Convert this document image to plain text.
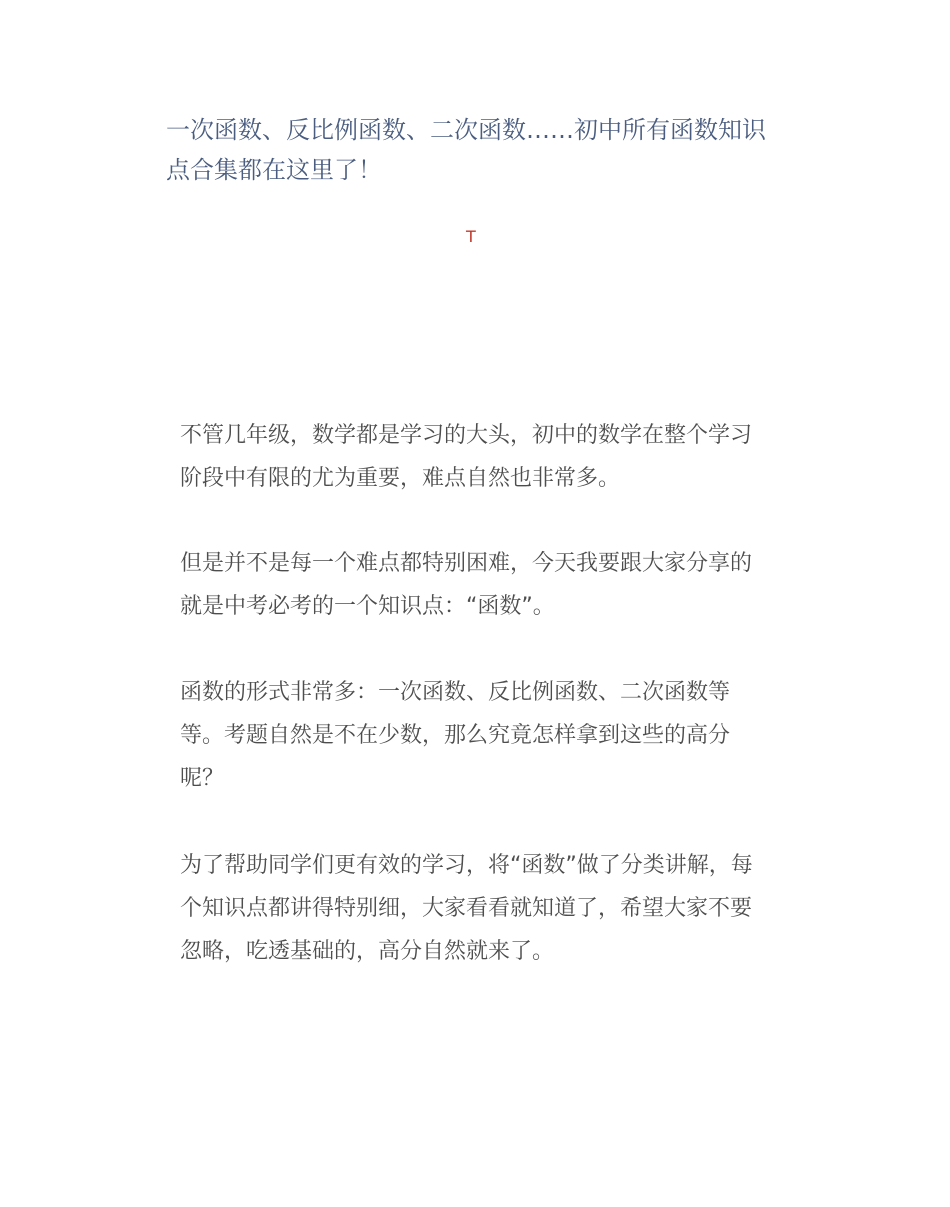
一次函数、反比例函数、二次函数……初中所有函数知识点合集都在这里了！
T

不管几年级，数学都是学习的大头，初中的数学在整个学习阶段中有限的尤为重要，难点自然也非常多。

但是并不是每一个难点都特别困难，今天我要跟大家分享的就是中考必考的一个知识点：“函数”。

函数的形式非常多：一次函数、反比例函数、二次函数等等。考题自然是不在少数，那么究竟怎样拿到这些的高分呢？

为了帮助同学们更有效的学习，将“函数”做了分类讲解，每个知识点都讲得特别细，大家看看就知道了，希望大家不要忽略，吃透基础的，高分自然就来了。
